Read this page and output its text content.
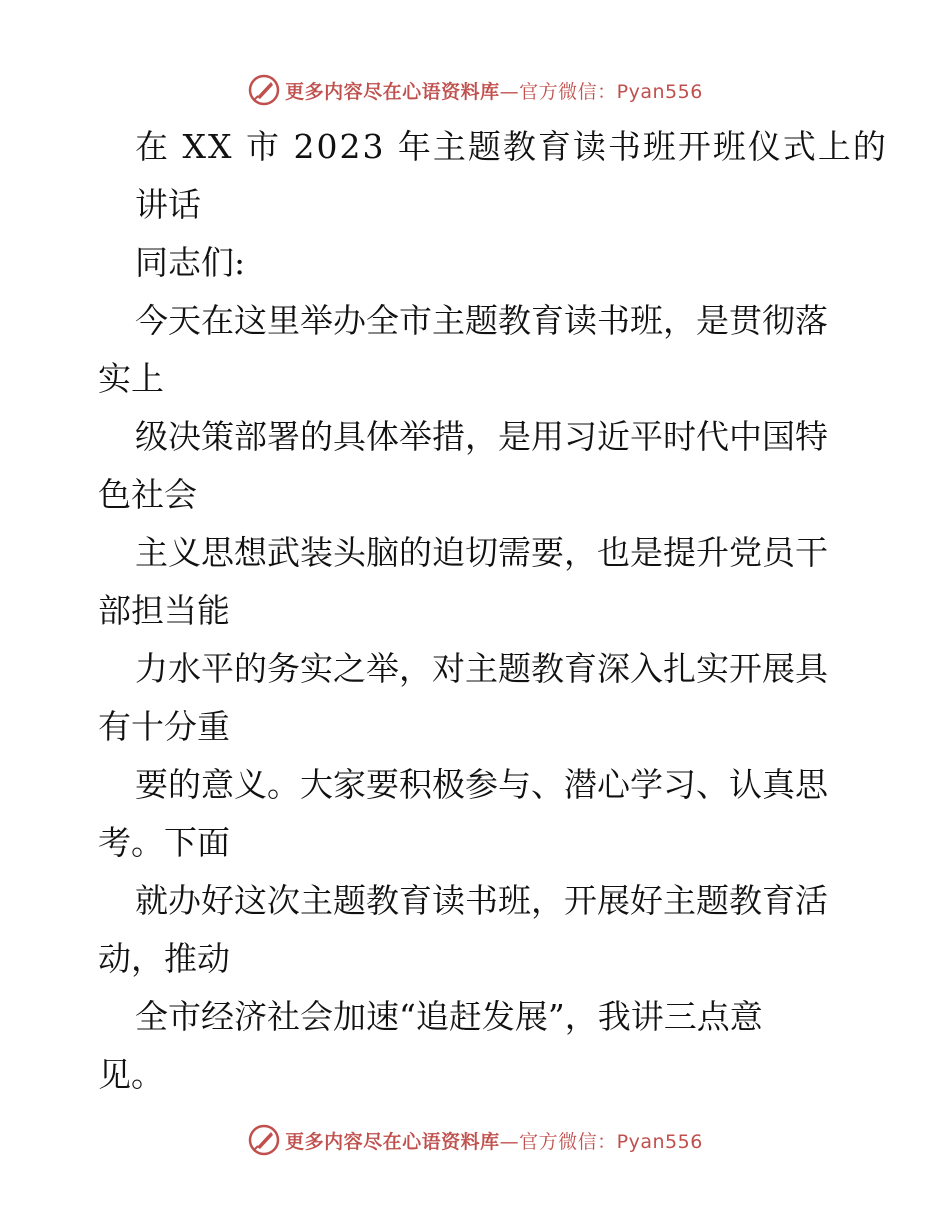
更多内容尽在心语资料库—官方微信：Pyan556
在 XX 市 2023 年主题教育读书班开班仪式上的
讲话
同志们:
今天在这里举办全市主题教育读书班，是贯彻落
实上
级决策部署的具体举措，是用习近平时代中国特
色社会
主义思想武装头脑的迫切需要，也是提升党员干
部担当能
力水平的务实之举，对主题教育深入扎实开展具
有十分重
要的意义。大家要积极参与、潜心学习、认真思
考。下面
就办好这次主题教育读书班，开展好主题教育活
动，推动
全市经济社会加速“追赶发展”，我讲三点意
见。
更多内容尽在心语资料库—官方微信：Pyan556
